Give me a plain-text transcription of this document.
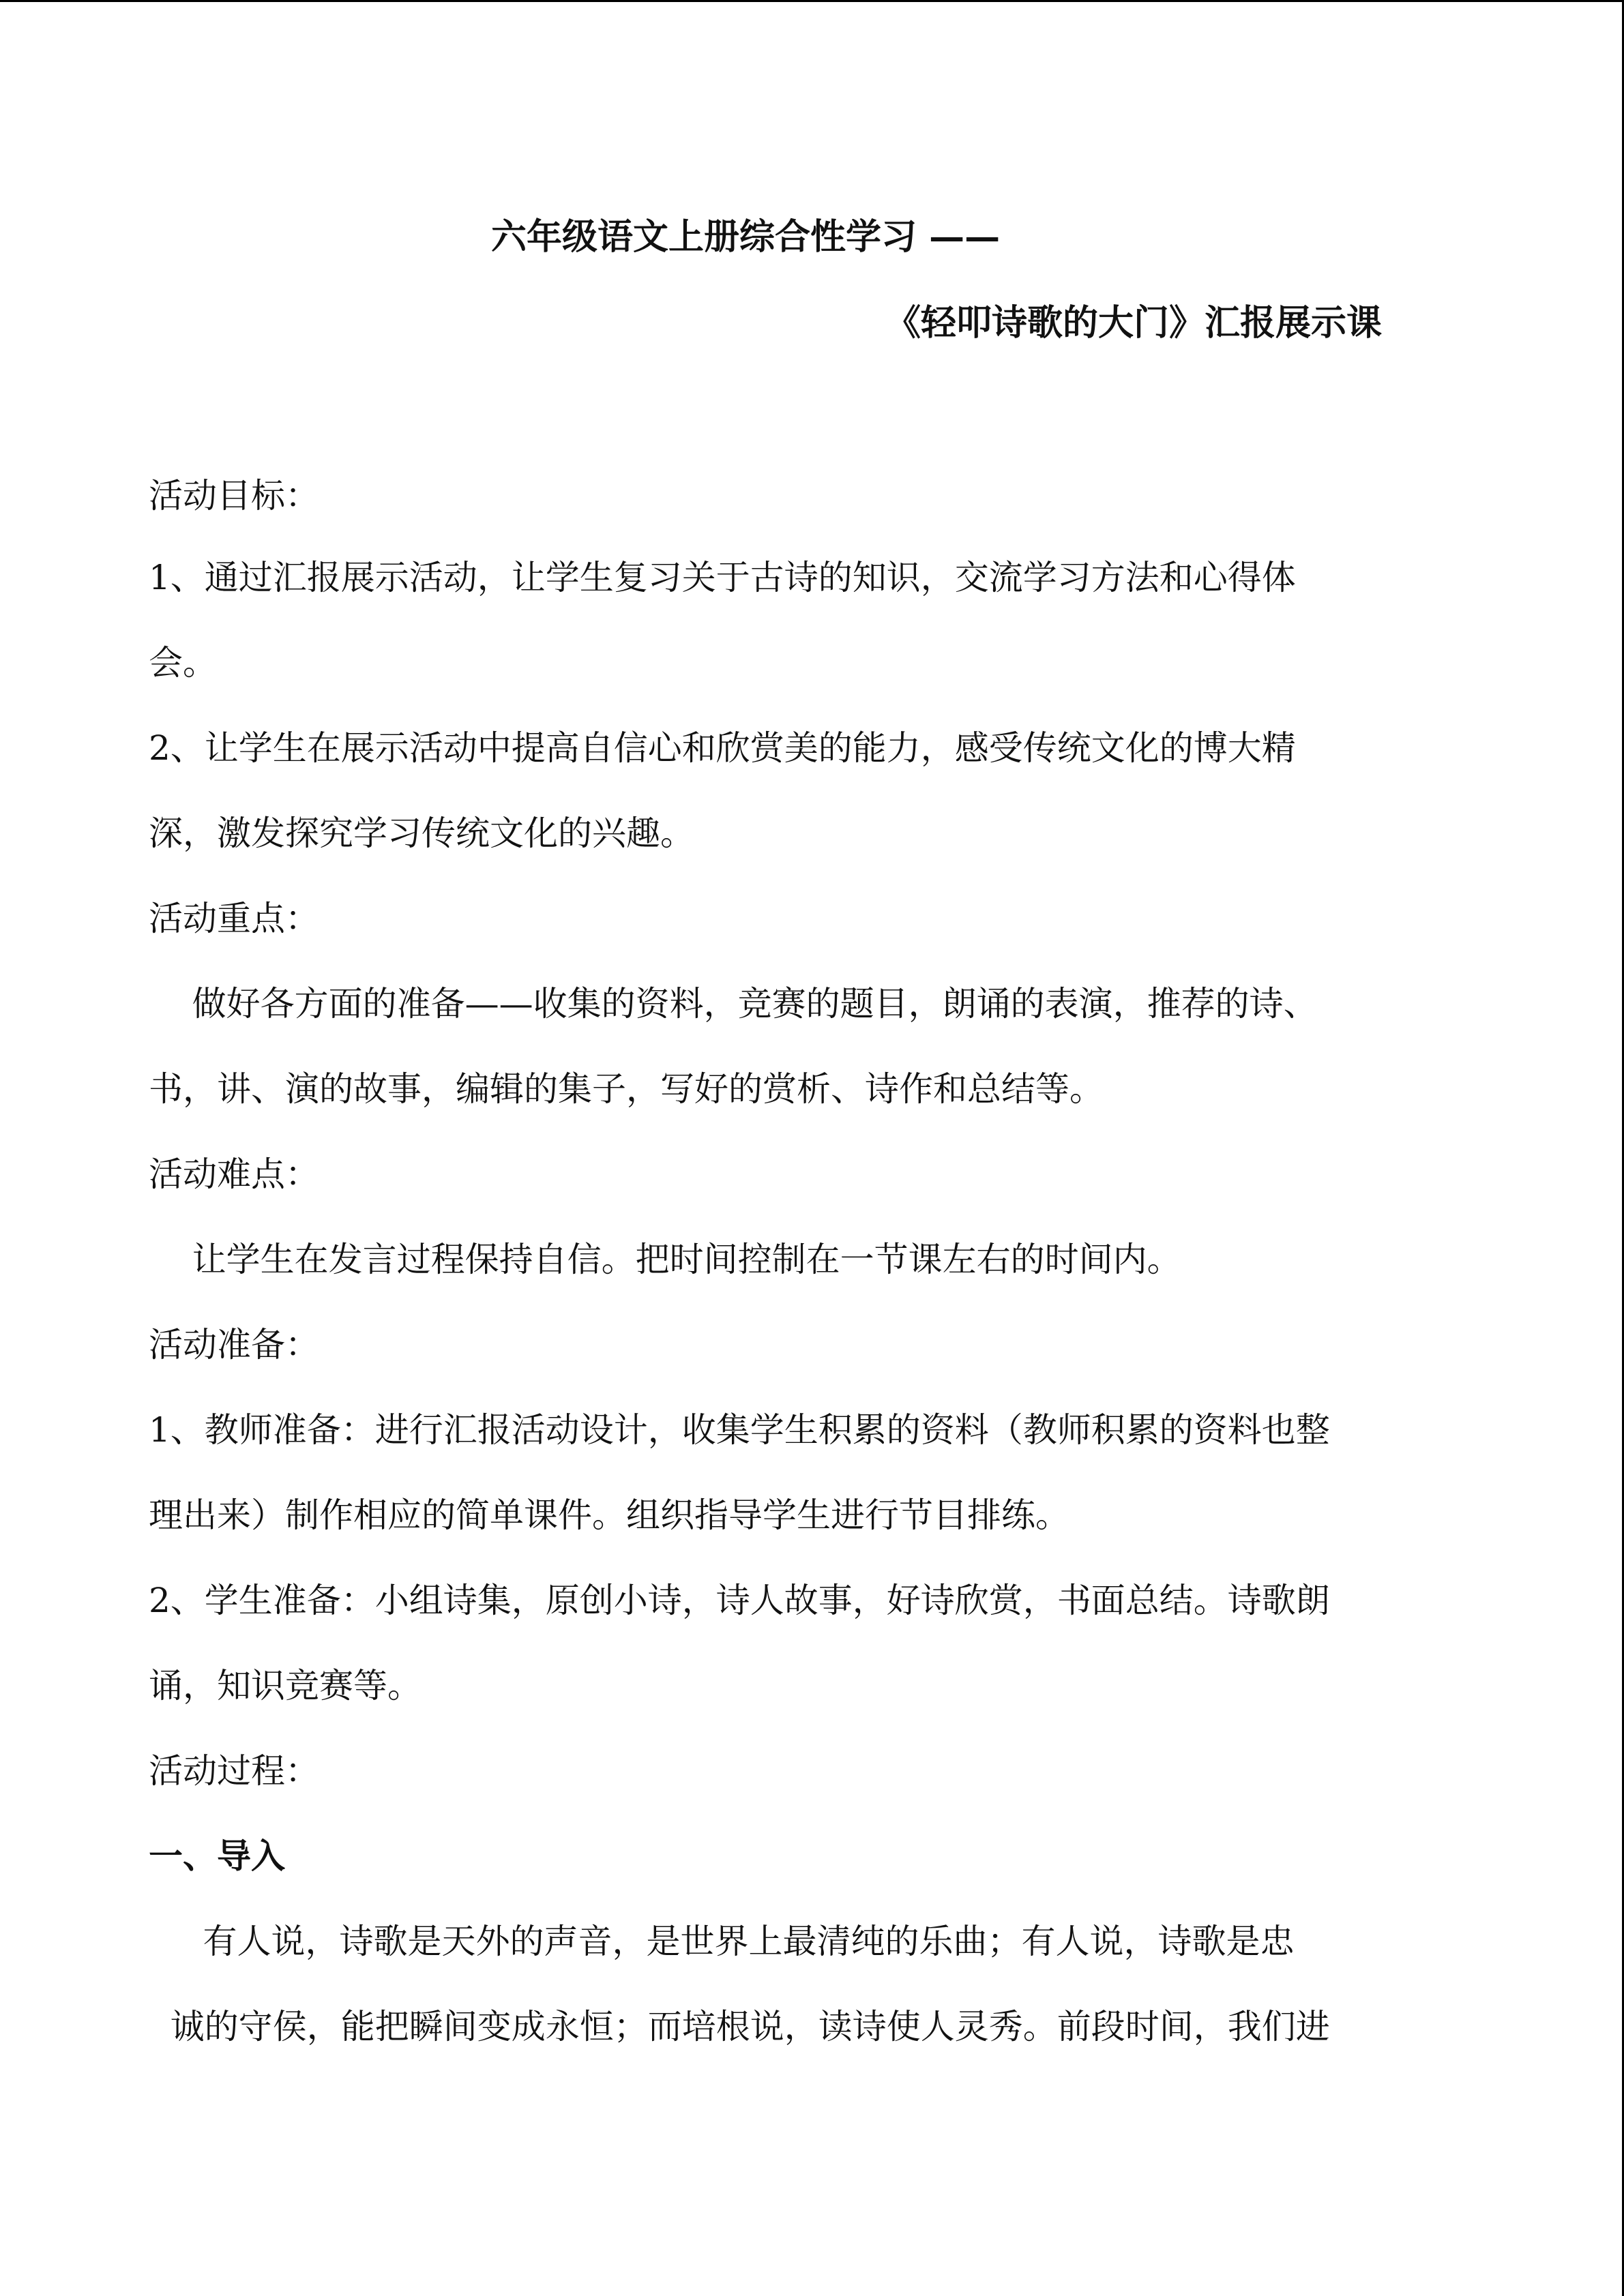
六年级语文上册综合性学习 ——
《轻叩诗歌的大门》汇报展示课
活动目标：
1、通过汇报展示活动，让学生复习关于古诗的知识，交流学习方法和心得体
会。
2、让学生在展示活动中提高自信心和欣赏美的能力，感受传统文化的博大精
深，激发探究学习传统文化的兴趣。
活动重点：
做好各方面的准备——收集的资料，竞赛的题目，朗诵的表演，推荐的诗、
书，讲、演的故事，编辑的集子，写好的赏析、诗作和总结等。
活动难点：
让学生在发言过程保持自信。把时间控制在一节课左右的时间内。
活动准备：
1、教师准备：进行汇报活动设计，收集学生积累的资料（教师积累的资料也整
理出来）制作相应的简单课件。组织指导学生进行节目排练。
2、学生准备：小组诗集，原创小诗，诗人故事，好诗欣赏，书面总结。诗歌朗
诵，知识竞赛等。
活动过程：
一、导入
有人说，诗歌是天外的声音，是世界上最清纯的乐曲；有人说，诗歌是忠
诚的守侯，能把瞬间变成永恒；而培根说，读诗使人灵秀。前段时间，我们进
